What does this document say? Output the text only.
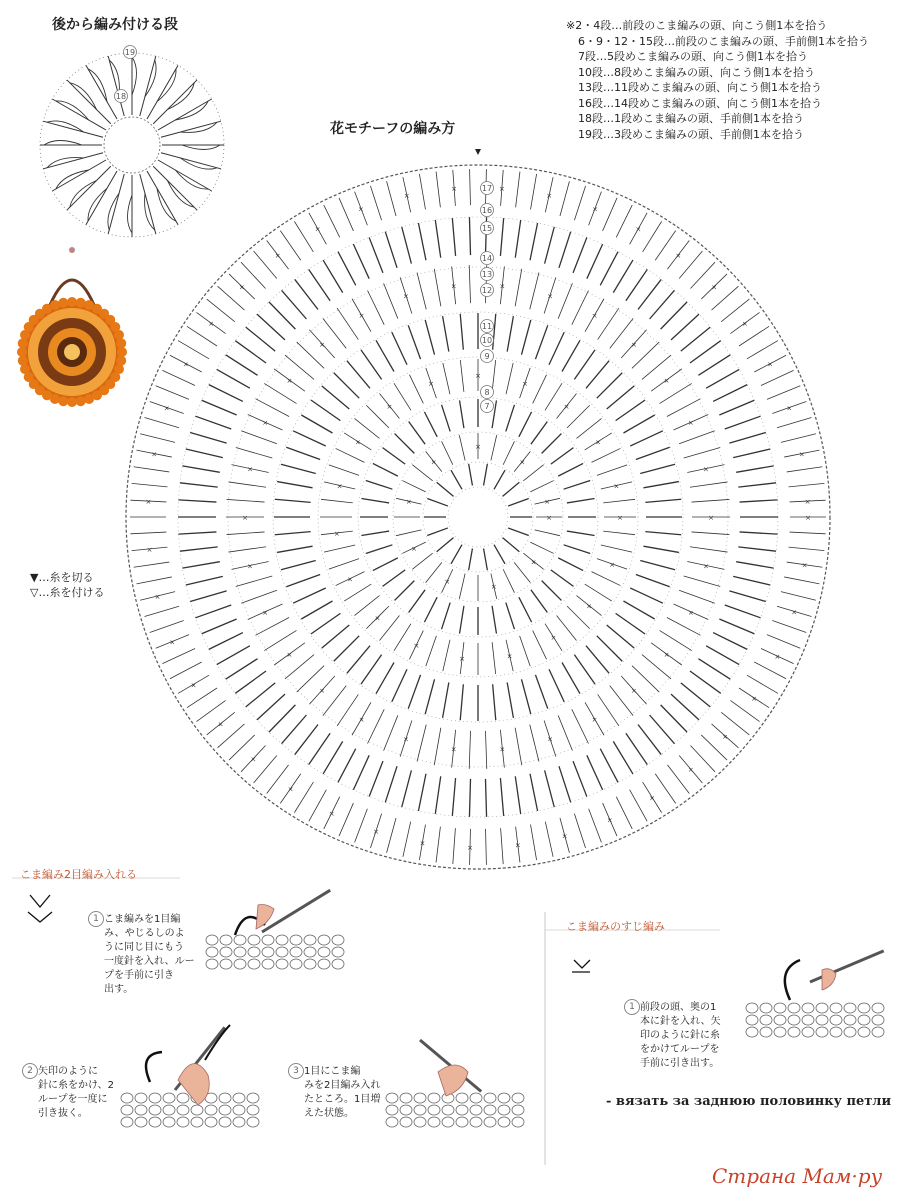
後から編み付ける段
花モチーフの編み方
※2・4段…前段のこま編みの頭、向こう側1本を拾う
6・9・12・15段…前段のこま編みの頭、手前側1本を拾う
7段…5段めこま編みの頭、向こう側1本を拾う
10段…8段めこま編みの頭、向こう側1本を拾う
13段…11段めこま編みの頭、向こう側1本を拾う
16段…14段めこま編みの頭、向こう側1本を拾う
18段…1段めこま編みの頭、手前側1本を拾う
19段…3段めこま編みの頭、手前側1本を拾う
▼…糸を切る
▽…糸を付ける
×
×
×
×
×
×
×
×
×
×
×
×
×
×
×
×
×
×
×
×
×
×
×
×
×
×
×
×
×
×
×
×
×	×
×
×
×
×
×
×
×
×
×
×
×
×
×
×
×
×
×
×
×
×
×
×
×
×
×
×
×
×
×
×
×
×
×	×
×
×
×
×
×
×
×
×
×
×
×
×
×
×
×
×
×
×
×
×
×
×
×
×
×
×
×
×
×
×
×
×
×
×
×
17
16
15
14
13
12
11
10
9
8
7
19
18
こま編み2目編み入れる
1 こま編みを1目編
み、やじるしのよ
うに同じ目にもう
一度針を入れ、ルー
プを手前に引き
出す。
2 矢印のように
針に糸をかけ、2
ループを一度に
引き抜く。
3 1目にこま編
みを2目編み入れ
たところ。1目増
えた状態。
こま編みのすじ編み
1 前段の頭、奥の1
本に針を入れ、矢
印のように針に糸
をかけてループを
手前に引き出す。
- вязать за заднюю половинку петли
Страна Мам·ру
